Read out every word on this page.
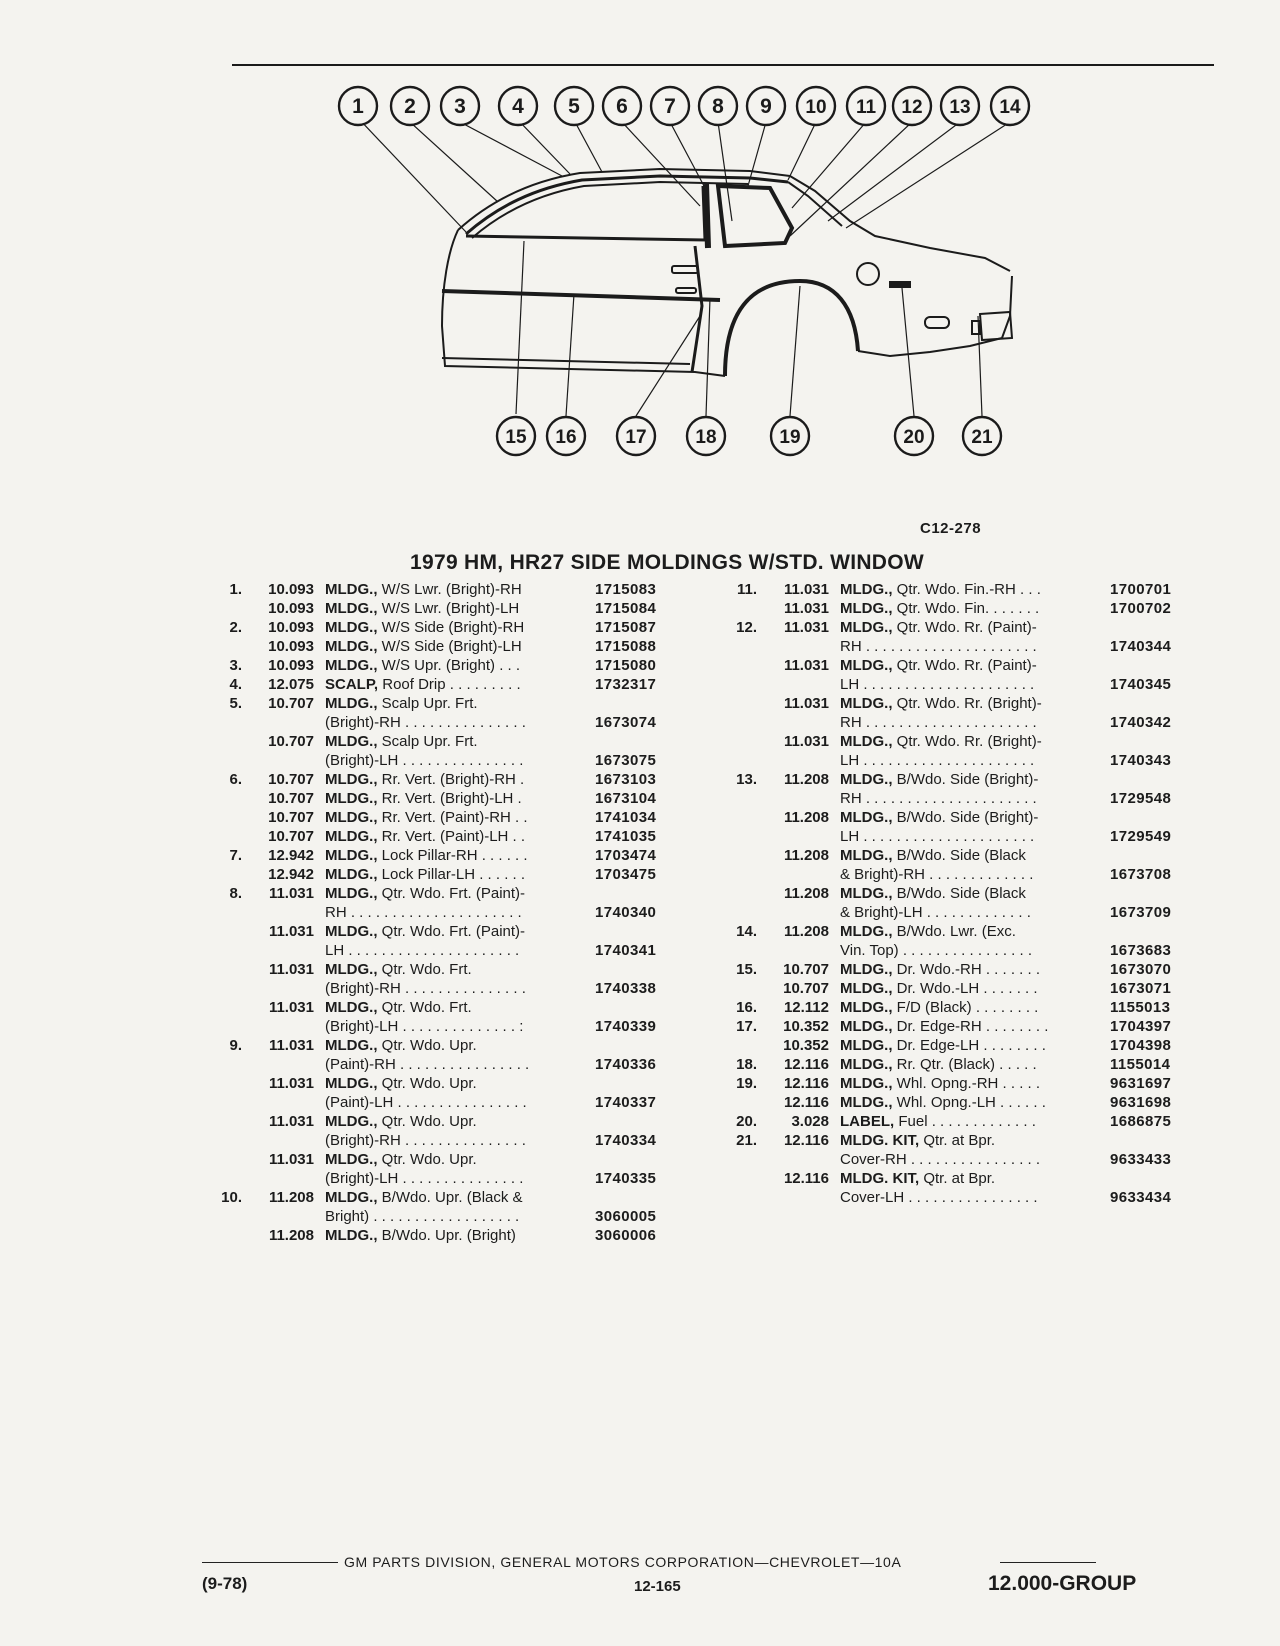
1 2 3 4 5 6 7 8 9 10 11 12 13 14
15 16	17	18	19	20 21
C12-278
1979 HM, HR27 SIDE MOLDINGS W/STD. WINDOW
1.	10.093 MLDG., W/S Lwr. (Bright)-RH	1715083
10.093 MLDG., W/S Lwr. (Bright)-LH	1715084
2.	10.093 MLDG., W/S Side (Bright)-RH	1715087
10.093 MLDG., W/S Side (Bright)-LH	1715088
3.	10.093 MLDG., W/S Upr. (Bright) . . .	1715080
4.	12.075 SCALP, Roof Drip . . . . . . . . .	1732317
5.	10.707 MLDG., Scalp Upr. Frt.
(Bright)-RH . . . . . . . . . . . . . . .	1673074
10.707 MLDG., Scalp Upr. Frt.
(Bright)-LH . . . . . . . . . . . . . . .	1673075
6.	10.707 MLDG., Rr. Vert. (Bright)-RH .	1673103
10.707 MLDG., Rr. Vert. (Bright)-LH .	1673104
10.707 MLDG., Rr. Vert. (Paint)-RH . .	1741034
10.707 MLDG., Rr. Vert. (Paint)-LH . .	1741035
7.	12.942 MLDG., Lock Pillar-RH . . . . . .	1703474
12.942 MLDG., Lock Pillar-LH . . . . . .	1703475
8.	11.031 MLDG., Qtr. Wdo. Frt. (Paint)-
RH . . . . . . . . . . . . . . . . . . . . .	1740340
11.031 MLDG., Qtr. Wdo. Frt. (Paint)-
LH . . . . . . . . . . . . . . . . . . . . .	1740341
11.031 MLDG., Qtr. Wdo. Frt.
(Bright)-RH . . . . . . . . . . . . . . .	1740338
11.031 MLDG., Qtr. Wdo. Frt.
(Bright)-LH . . . . . . . . . . . . . . :	1740339
9.	11.031 MLDG., Qtr. Wdo. Upr.
(Paint)-RH . . . . . . . . . . . . . . . .	1740336
11.031 MLDG., Qtr. Wdo. Upr.
(Paint)-LH . . . . . . . . . . . . . . . .	1740337
11.031 MLDG., Qtr. Wdo. Upr.
(Bright)-RH . . . . . . . . . . . . . . .	1740334
11.031 MLDG., Qtr. Wdo. Upr.
(Bright)-LH . . . . . . . . . . . . . . .	1740335
10.	11.208 MLDG., B/Wdo. Upr. (Black &
Bright) . . . . . . . . . . . . . . . . . .	3060005
11.208 MLDG., B/Wdo. Upr. (Bright)	3060006
11.	11.031 MLDG., Qtr. Wdo. Fin.-RH . . .	1700701
11.031 MLDG., Qtr. Wdo. Fin. . . . . . .	1700702
12.	11.031 MLDG., Qtr. Wdo. Rr. (Paint)-
RH . . . . . . . . . . . . . . . . . . . . .	1740344
11.031 MLDG., Qtr. Wdo. Rr. (Paint)-
LH . . . . . . . . . . . . . . . . . . . . .	1740345
11.031 MLDG., Qtr. Wdo. Rr. (Bright)-
RH . . . . . . . . . . . . . . . . . . . . .	1740342
11.031 MLDG., Qtr. Wdo. Rr. (Bright)-
LH . . . . . . . . . . . . . . . . . . . . .	1740343
13.	11.208 MLDG., B/Wdo. Side (Bright)-
RH . . . . . . . . . . . . . . . . . . . . .	1729548
11.208 MLDG., B/Wdo. Side (Bright)-
LH . . . . . . . . . . . . . . . . . . . . .	1729549
11.208 MLDG., B/Wdo. Side (Black
& Bright)-RH . . . . . . . . . . . . .	1673708
11.208 MLDG., B/Wdo. Side (Black
& Bright)-LH . . . . . . . . . . . . .	1673709
14.	11.208 MLDG., B/Wdo. Lwr. (Exc.
Vin. Top) . . . . . . . . . . . . . . . .	1673683
15.	10.707 MLDG., Dr. Wdo.-RH . . . . . . .	1673070
10.707 MLDG., Dr. Wdo.-LH . . . . . . .	1673071
16.	12.112 MLDG., F/D (Black) . . . . . . . .	1155013
17.	10.352 MLDG., Dr. Edge-RH . . . . . . . .	1704397
10.352 MLDG., Dr. Edge-LH . . . . . . . .	1704398
18.	12.116 MLDG., Rr. Qtr. (Black) . . . . .	1155014
19.	12.116 MLDG., Whl. Opng.-RH . . . . .	9631697
12.116 MLDG., Whl. Opng.-LH . . . . . .	9631698
20.	3.028 LABEL, Fuel . . . . . . . . . . . . .	1686875
21.	12.116 MLDG. KIT, Qtr. at Bpr.
Cover-RH . . . . . . . . . . . . . . . .	9633433
12.116 MLDG. KIT, Qtr. at Bpr.
Cover-LH . . . . . . . . . . . . . . . .	9633434
GM PARTS DIVISION, GENERAL MOTORS CORPORATION—CHEVROLET—10A
(9-78)	12-165	12.000-GROUP
